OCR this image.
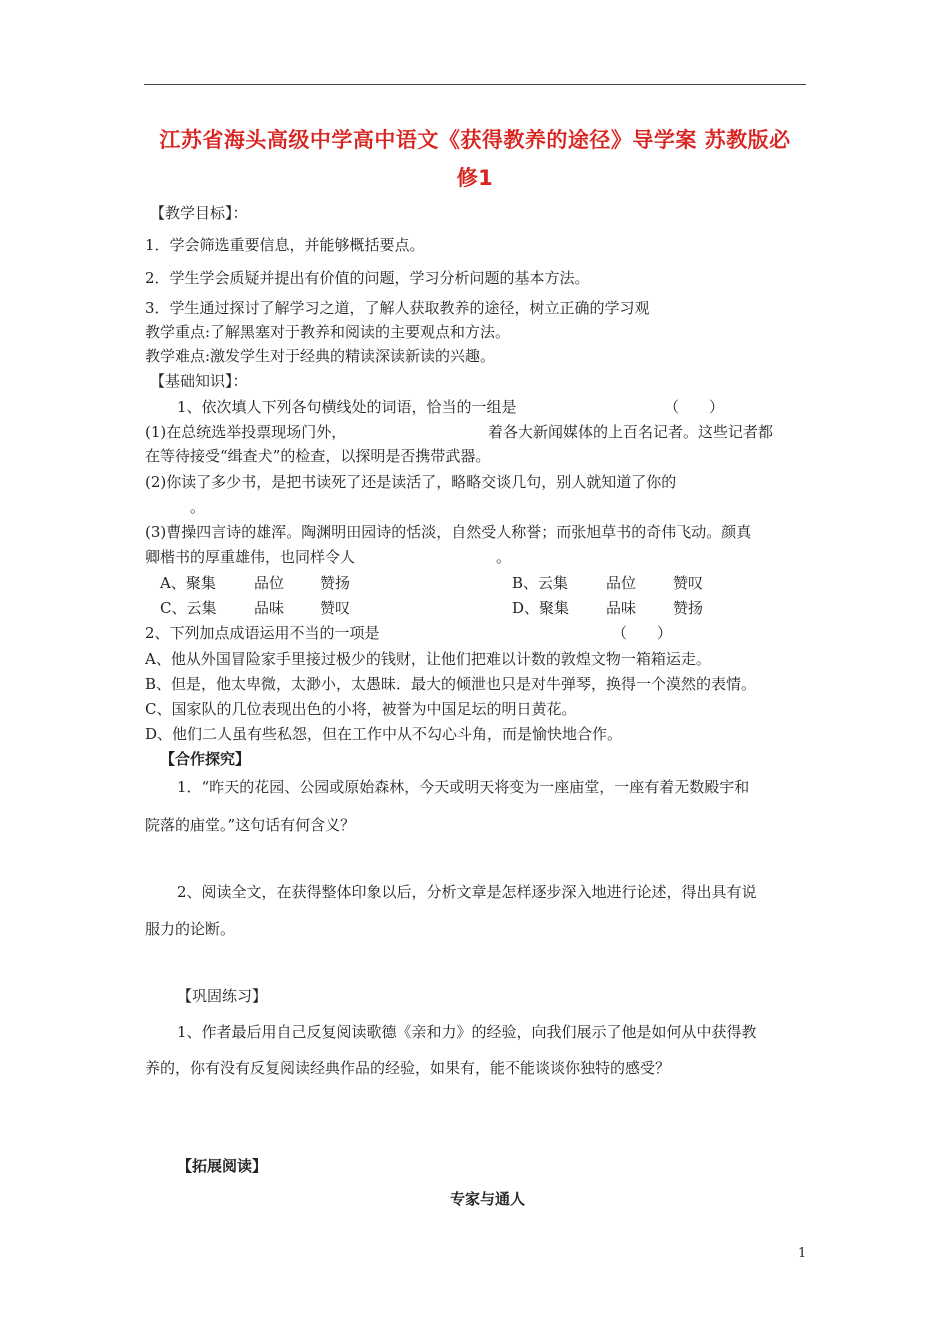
江苏省海头高级中学高中语文《获得教养的途径》导学案 苏教版必
修1
【教学目标】：
1．学会筛选重要信息，并能够概括要点。
2．学生学会质疑并提出有价值的问题，学习分析问题的基本方法。
3．学生通过探讨了解学习之道，了解人获取教养的途径，树立正确的学习观
教学重点:了解黑塞对于教养和阅读的主要观点和方法。
教学难点:激发学生对于经典的精读深读新读的兴趣。
【基础知识】：
1、依次填人下列各句横线处的词语，恰当的一组是	（　　）
(1)在总统选举投票现场门外，	着各大新闻媒体的上百名记者。这些记者都
在等待接受“缉查犬”的检查，以探明是否携带武器。
(2)你读了多少书，是把书读死了还是读活了，略略交谈几句，别人就知道了你的
。
(3)曹操四言诗的雄浑。陶渊明田园诗的恬淡，自然受人称誉；而张旭草书的奇伟飞动。颜真
卿楷书的厚重雄伟，也同样令人	。
A、聚集	品位 赞扬	B、云集	品位 赞叹
C、云集	品味 赞叹	D、聚集 品味 赞扬
2、下列加点成语运用不当的一项是	（　　）
A、他从外国冒险家手里接过极少的钱财，让他们把难以计数的敦煌文物一箱箱运走。
B、但是，他太卑微，太渺小，太愚昧．最大的倾泄也只是对牛弹琴，换得一个漠然的表情。
C、国家队的几位表现出色的小将，被誉为中国足坛的明日黄花。
D、他们二人虽有些私怨，但在工作中从不勾心斗角，而是愉快地合作。
【合作探究】
1．“昨天的花园、公园或原始森林，今天或明天将变为一座庙堂，一座有着无数殿宇和
院落的庙堂。”这句话有何含义？
2、阅读全文，在获得整体印象以后，分析文章是怎样逐步深入地进行论述，得出具有说
服力的论断。
【巩固练习】
1、作者最后用自己反复阅读歌德《亲和力》的经验，向我们展示了他是如何从中获得教
养的，你有没有反复阅读经典作品的经验，如果有，能不能谈谈你独特的感受？
【拓展阅读】
专家与通人
1
